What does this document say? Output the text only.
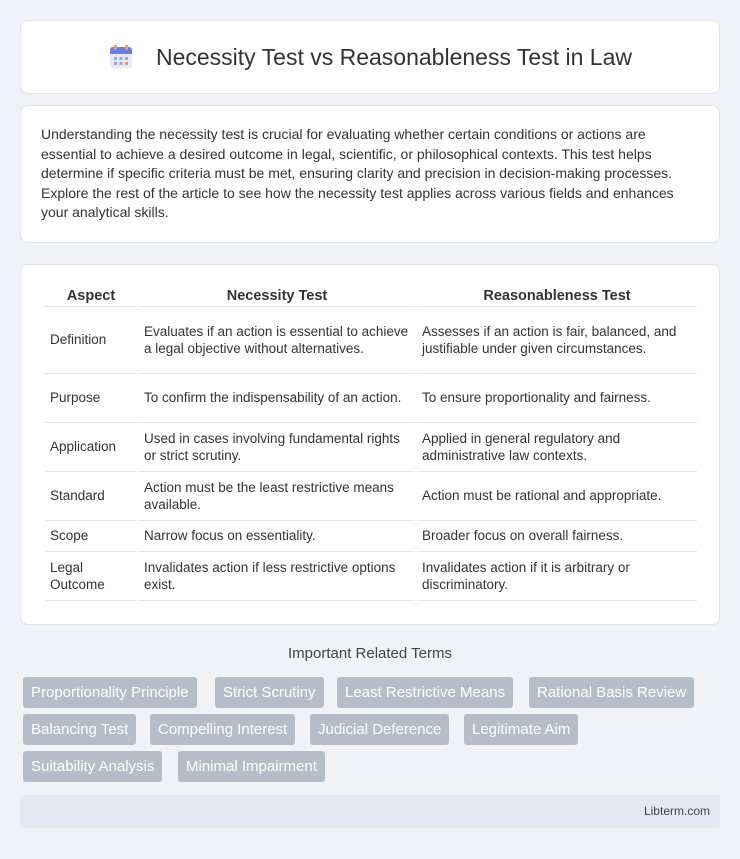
Necessity Test vs Reasonableness Test in Law

Understanding the necessity test is crucial for evaluating whether certain conditions or actions are essential to achieve a desired outcome in legal, scientific, or philosophical contexts. This test helps determine if specific criteria must be met, ensuring clarity and precision in decision-making processes. Explore the rest of the article to see how the necessity test applies across various fields and enhances your analytical skills.

Aspect	Necessity Test	Reasonableness Test
Definition	Evaluates if an action is essential to achieve a legal objective without alternatives.	Assesses if an action is fair, balanced, and justifiable under given circumstances.
Purpose	To confirm the indispensability of an action.	To ensure proportionality and fairness.
Application	Used in cases involving fundamental rights or strict scrutiny.	Applied in general regulatory and administrative law contexts.
Standard	Action must be the least restrictive means available.	Action must be rational and appropriate.
Scope	Narrow focus on essentiality.	Broader focus on overall fairness.
Legal Outcome	Invalidates action if less restrictive options exist.	Invalidates action if it is arbitrary or discriminatory.
Important Related Terms
Proportionality Principle	Strict Scrutiny	Least Restrictive Means	Rational Basis Review
Balancing Test	Compelling Interest	Judicial Deference	Legitimate Aim
Suitability Analysis	Minimal Impairment
Libterm.com
